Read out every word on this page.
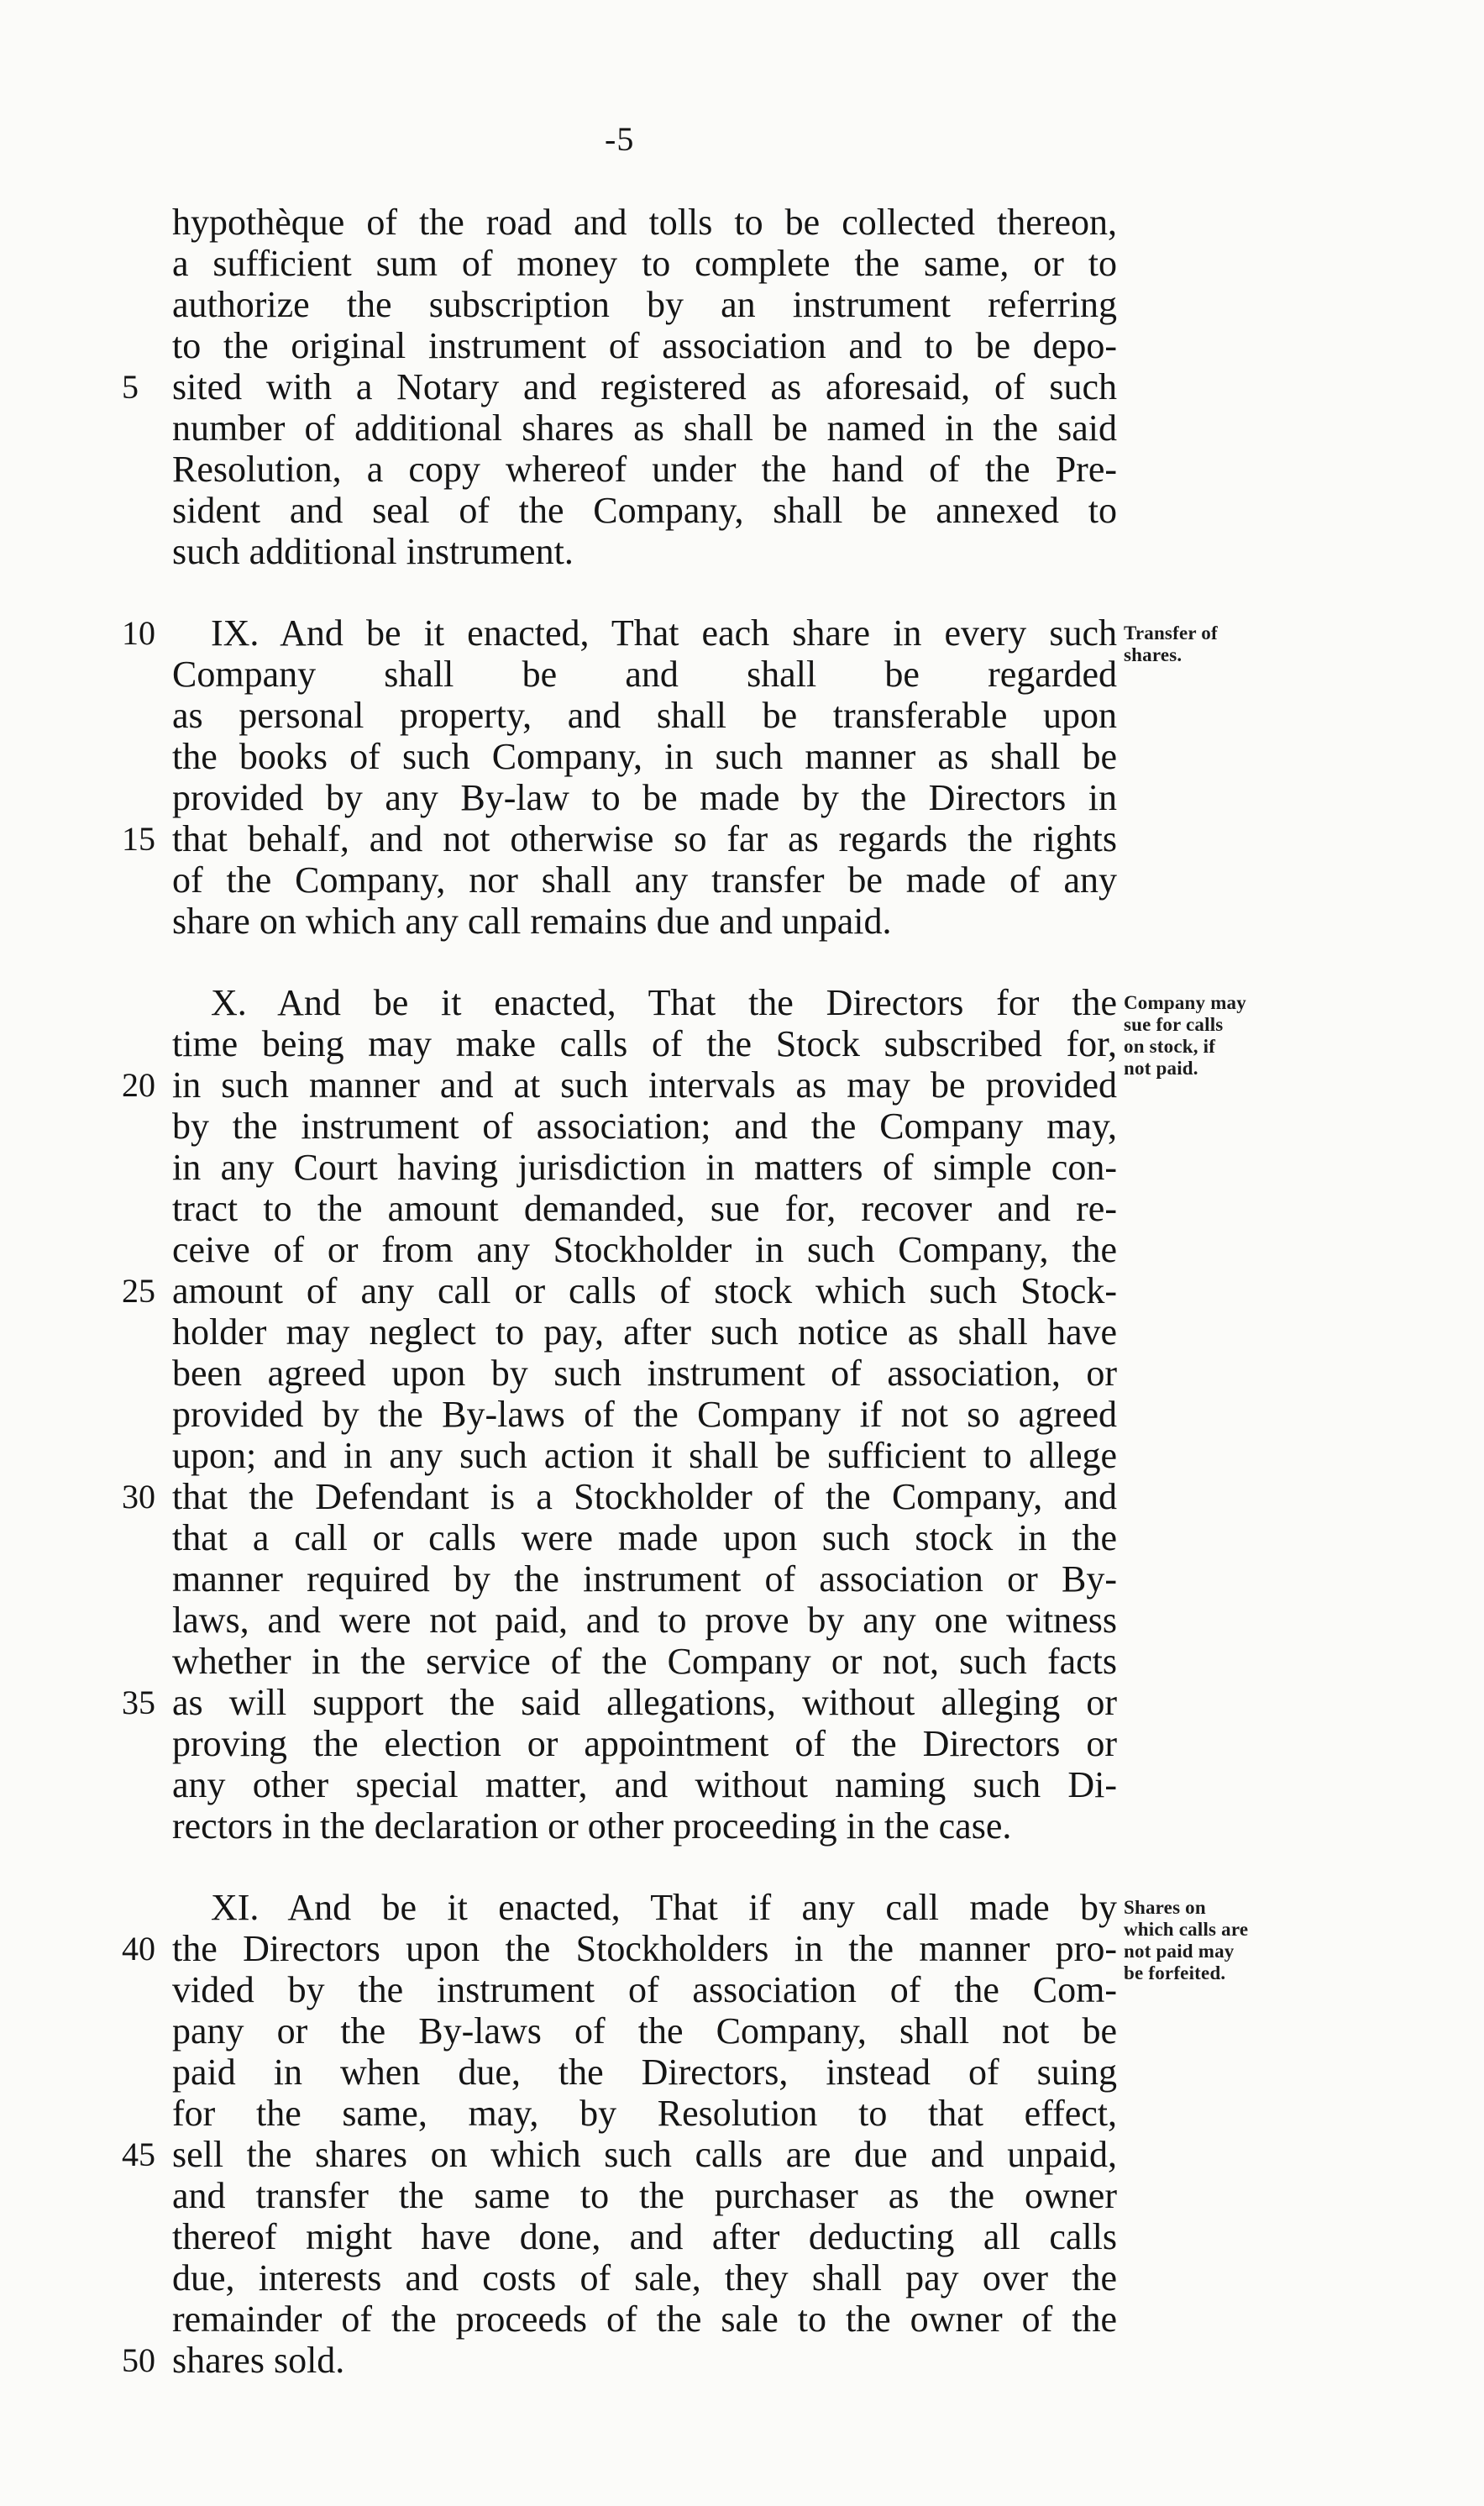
-5
hypothèque of the road and tolls to be collected thereon,
a sufficient sum of money to complete the same, or to
authorize the subscription by an instrument referring
to the original instrument of association and to be depo-
sited with a Notary and registered as aforesaid, of such
5
number of additional shares as shall be named in the said
Resolution, a copy whereof under the hand of the Pre-
sident and seal of the Company, shall be annexed to
such additional instrument.
IX. And be it enacted, That each share in every such
10
Company shall be and shall be regarded
as personal property, and shall be transferable upon
the books of such Company, in such manner as shall be
provided by any By-law to be made by the Directors in
that behalf, and not otherwise so far as regards the rights
15
of the Company, nor shall any transfer be made of any
share on which any call remains due and unpaid.
X. And be it enacted, That the Directors for the
time being may make calls of the Stock subscribed for,
in such manner and at such intervals as may be provided
20
by the instrument of association; and the Company may,
in any Court having jurisdiction in matters of simple con-
tract to the amount demanded, sue for, recover and re-
ceive of or from any Stockholder in such Company, the
amount of any call or calls of stock which such Stock-
25
holder may neglect to pay, after such notice as shall have
been agreed upon by such instrument of association, or
provided by the By-laws of the Company if not so agreed
upon; and in any such action it shall be sufficient to allege
that the Defendant is a Stockholder of the Company, and
30
that a call or calls were made upon such stock in the
manner required by the instrument of association or By-
laws, and were not paid, and to prove by any one witness
whether in the service of the Company or not, such facts
as will support the said allegations, without alleging or
35
proving the election or appointment of the Directors or
any other special matter, and without naming such Di-
rectors in the declaration or other proceeding in the case.
XI. And be it enacted, That if any call made by
the Directors upon the Stockholders in the manner pro-
40
vided by the instrument of association of the Com-
pany or the By-laws of the Company, shall not be
paid in when due, the Directors, instead of suing
for the same, may, by Resolution to that effect,
sell the shares on which such calls are due and unpaid,
45
and transfer the same to the purchaser as the owner
thereof might have done, and after deducting all calls
due, interests and costs of sale, they shall pay over the
remainder of the proceeds of the sale to the owner of the
shares sold.
50
Transfer of
shares.
Company may
sue for calls
on stock, if
not paid.
Shares on
which calls are
not paid may
be forfeited.
